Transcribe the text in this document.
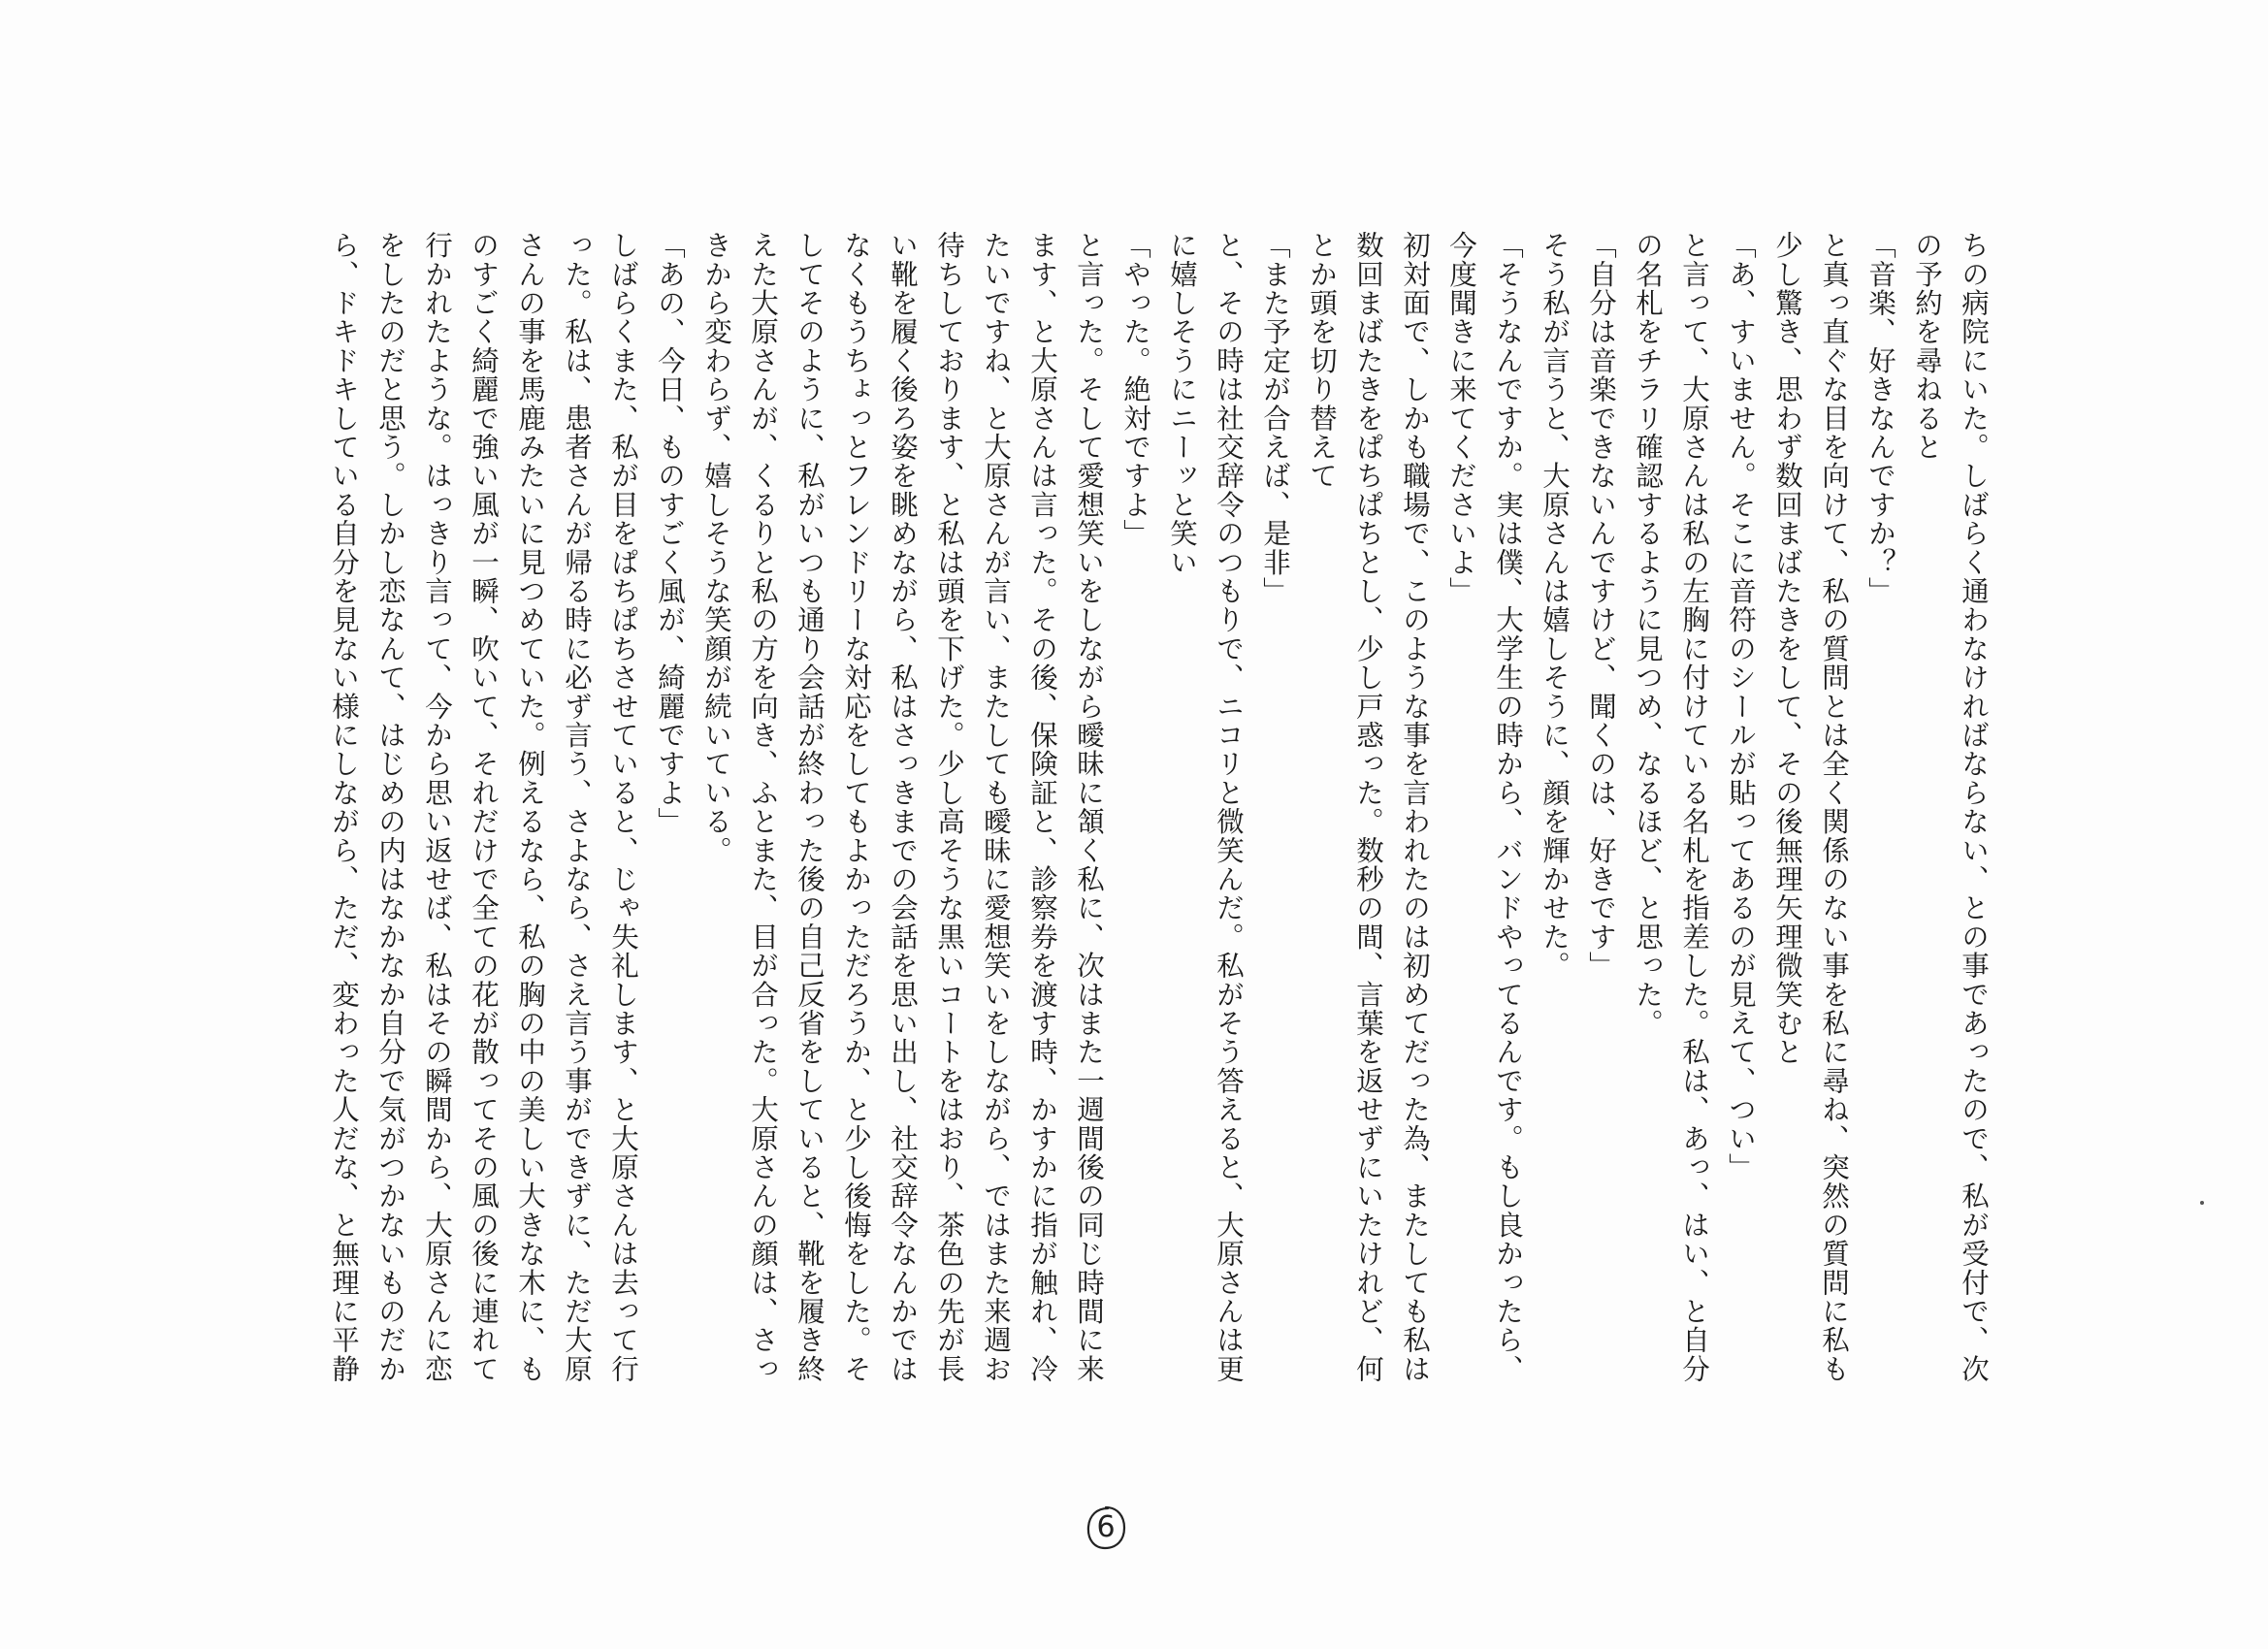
ちの病院にいた。しばらく通わなければならない、との事であったので、私が受付で、次
の予約を尋ねると
「音楽、好きなんですか？」
と真っ直ぐな目を向けて、私の質問とは全く関係のない事を私に尋ね、突然の質問に私も
少し驚き、思わず数回まばたきをして、その後無理矢理微笑むと
「あ、すいません。そこに音符のシールが貼ってあるのが見えて、つい」
と言って、大原さんは私の左胸に付けている名札を指差した。私は、あっ、はい、と自分
の名札をチラリ確認するように見つめ、なるほど、と思った。
「自分は音楽できないんですけど、聞くのは、好きです」
そう私が言うと、大原さんは嬉しそうに、顔を輝かせた。
「そうなんですか。実は僕、大学生の時から、バンドやってるんです。もし良かったら、
今度聞きに来てくださいよ」
初対面で、しかも職場で、このような事を言われたのは初めてだった為、またしても私は
数回まばたきをぱちぱちとし、少し戸惑った。数秒の間、言葉を返せずにいたけれど、何
とか頭を切り替えて
「また予定が合えば、是非」
と、その時は社交辞令のつもりで、ニコリと微笑んだ。私がそう答えると、大原さんは更
に嬉しそうにニーッと笑い
「やった。絶対ですよ」
と言った。そして愛想笑いをしながら曖昧に頷く私に、次はまた一週間後の同じ時間に来
ます、と大原さんは言った。その後、保険証と、診察券を渡す時、かすかに指が触れ、冷
たいですね、と大原さんが言い、またしても曖昧に愛想笑いをしながら、ではまた来週お
待ちしております、と私は頭を下げた。少し高そうな黒いコートをはおり、茶色の先が長
い靴を履く後ろ姿を眺めながら、私はさっきまでの会話を思い出し、社交辞令なんかでは
なくもうちょっとフレンドリーな対応をしてもよかっただろうか、と少し後悔をした。そ
してそのように、私がいつも通り会話が終わった後の自己反省をしていると、靴を履き終
えた大原さんが、くるりと私の方を向き、ふとまた、目が合った。大原さんの顔は、さっ
きから変わらず、嬉しそうな笑顔が続いている。
「あの、今日、ものすごく風が、綺麗ですよ」
しばらくまた、私が目をぱちぱちさせていると、じゃ失礼します、と大原さんは去って行
った。私は、患者さんが帰る時に必ず言う、さよなら、さえ言う事ができずに、ただ大原
さんの事を馬鹿みたいに見つめていた。例えるなら、私の胸の中の美しい大きな木に、も
のすごく綺麗で強い風が一瞬、吹いて、それだけで全ての花が散ってその風の後に連れて
行かれたような。はっきり言って、今から思い返せば、私はその瞬間から、大原さんに恋
をしたのだと思う。しかし恋なんて、はじめの内はなかなか自分で気がつかないものだか
ら、ドキドキしている自分を見ない様にしながら、ただ、変わった人だな、と無理に平静
6
